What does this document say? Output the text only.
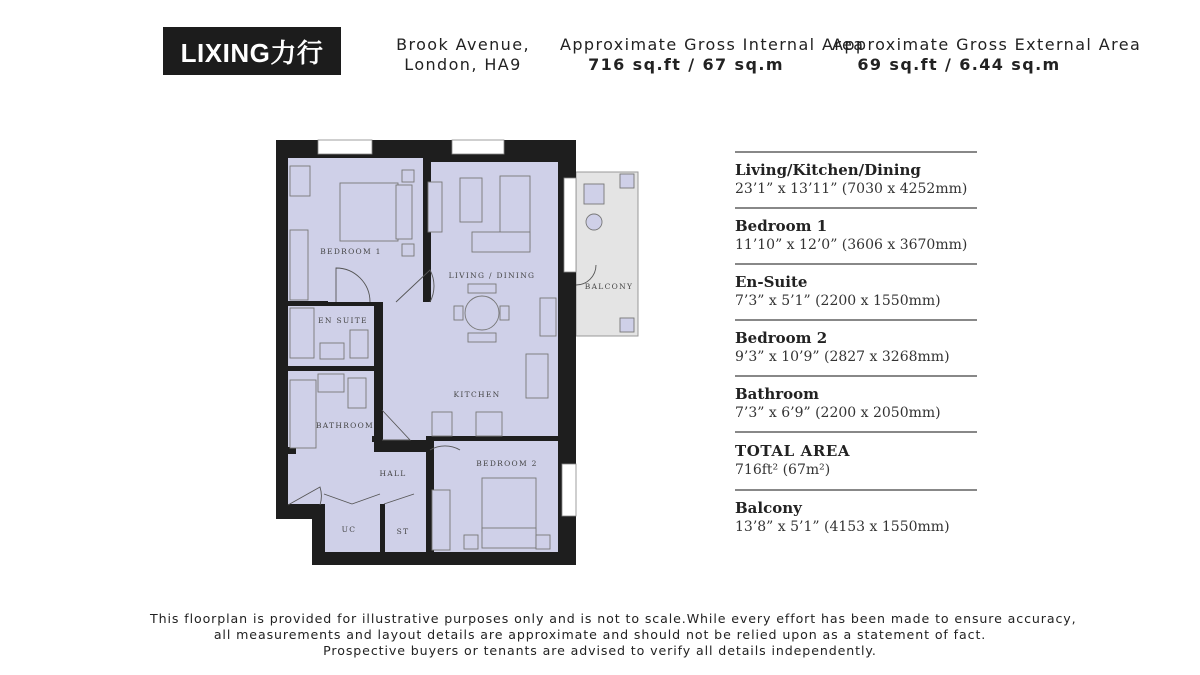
LIXING力行	Brook Avenue,
London, HA9
Approximate Gross Internal Area
716 sq.ft / 67 sq.m
Approximate Gross External Area
69 sq.ft / 6.44 sq.m
BEDROOM 1
LIVING / DINING
BALCONY
EN SUITE
KITCHEN
BATHROOM
HALL
BEDROOM 2
UC	ST
Living/Kitchen/Dining
23’1” x 13’11” (7030 x 4252mm)
Bedroom 1
11’10” x 12’0” (3606 x 3670mm)
En-Suite
7’3” x 5’1” (2200 x 1550mm)
Bedroom 2
9’3” x 10’9” (2827 x 3268mm)
Bathroom
7’3” x 6’9” (2200 x 2050mm)
TOTAL AREA
716ft² (67m²)
Balcony
13’8” x 5’1” (4153 x 1550mm)
This floorplan is provided for illustrative purposes only and is not to scale.While every effort has been made to ensure accuracy,
all measurements and layout details are approximate and should not be relied upon as a statement of fact.
Prospective buyers or tenants are advised to verify all details independently.
